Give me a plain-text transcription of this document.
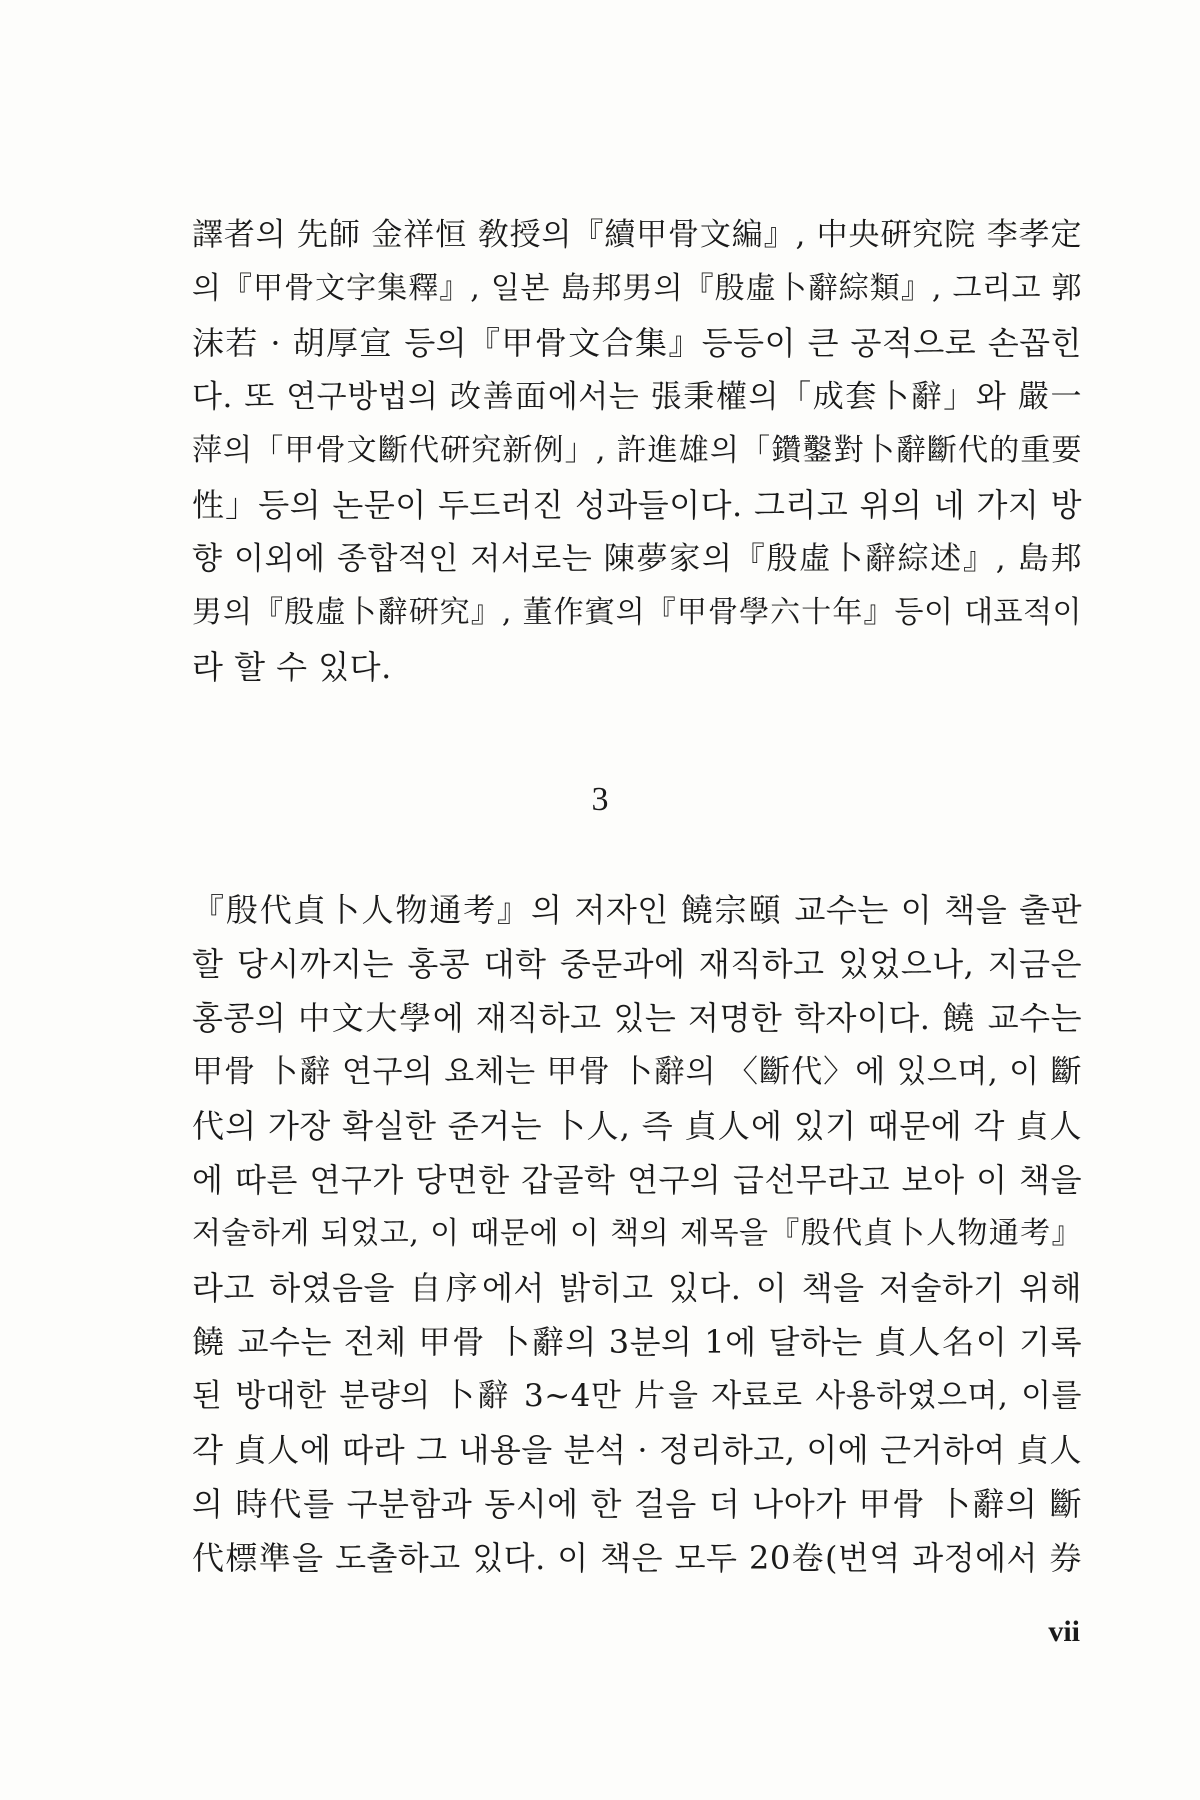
譯者의 先師 金祥恒 敎授의『續甲骨文編』, 中央硏究院 李孝定
의『甲骨文字集釋』, 일본 島邦男의『殷虛卜辭綜類』, 그리고 郭
沫若 · 胡厚宣 등의『甲骨文合集』등등이 큰 공적으로 손꼽힌
다. 또 연구방법의 改善面에서는 張秉權의「成套卜辭」와 嚴一
萍의「甲骨文斷代硏究新例」, 許進雄의「鑽鑿對卜辭斷代的重要
性」등의 논문이 두드러진 성과들이다. 그리고 위의 네 가지 방
향 이외에 종합적인 저서로는 陳夢家의『殷虛卜辭綜述』, 島邦
男의『殷虛卜辭硏究』, 董作賓의『甲骨學六十年』등이 대표적이
라 할 수 있다.
3
『殷代貞卜人物通考』의 저자인 饒宗頤 교수는 이 책을 출판
할 당시까지는 홍콩 대학 중문과에 재직하고 있었으나, 지금은
홍콩의 中文大學에 재직하고 있는 저명한 학자이다. 饒 교수는
甲骨 卜辭 연구의 요체는 甲骨 卜辭의 〈斷代〉에 있으며, 이 斷
代의 가장 확실한 준거는 卜人, 즉 貞人에 있기 때문에 각 貞人
에 따른 연구가 당면한 갑골학 연구의 급선무라고 보아 이 책을
저술하게 되었고, 이 때문에 이 책의 제목을『殷代貞卜人物通考』
라고 하였음을 自序에서 밝히고 있다. 이 책을 저술하기 위해
饒 교수는 전체 甲骨 卜辭의 3분의 1에 달하는 貞人名이 기록
된 방대한 분량의 卜辭 3~4만 片을 자료로 사용하였으며, 이를
각 貞人에 따라 그 내용을 분석 · 정리하고, 이에 근거하여 貞人
의 時代를 구분함과 동시에 한 걸음 더 나아가 甲骨 卜辭의 斷
代標準을 도출하고 있다. 이 책은 모두 20卷(번역 과정에서 券
vii
